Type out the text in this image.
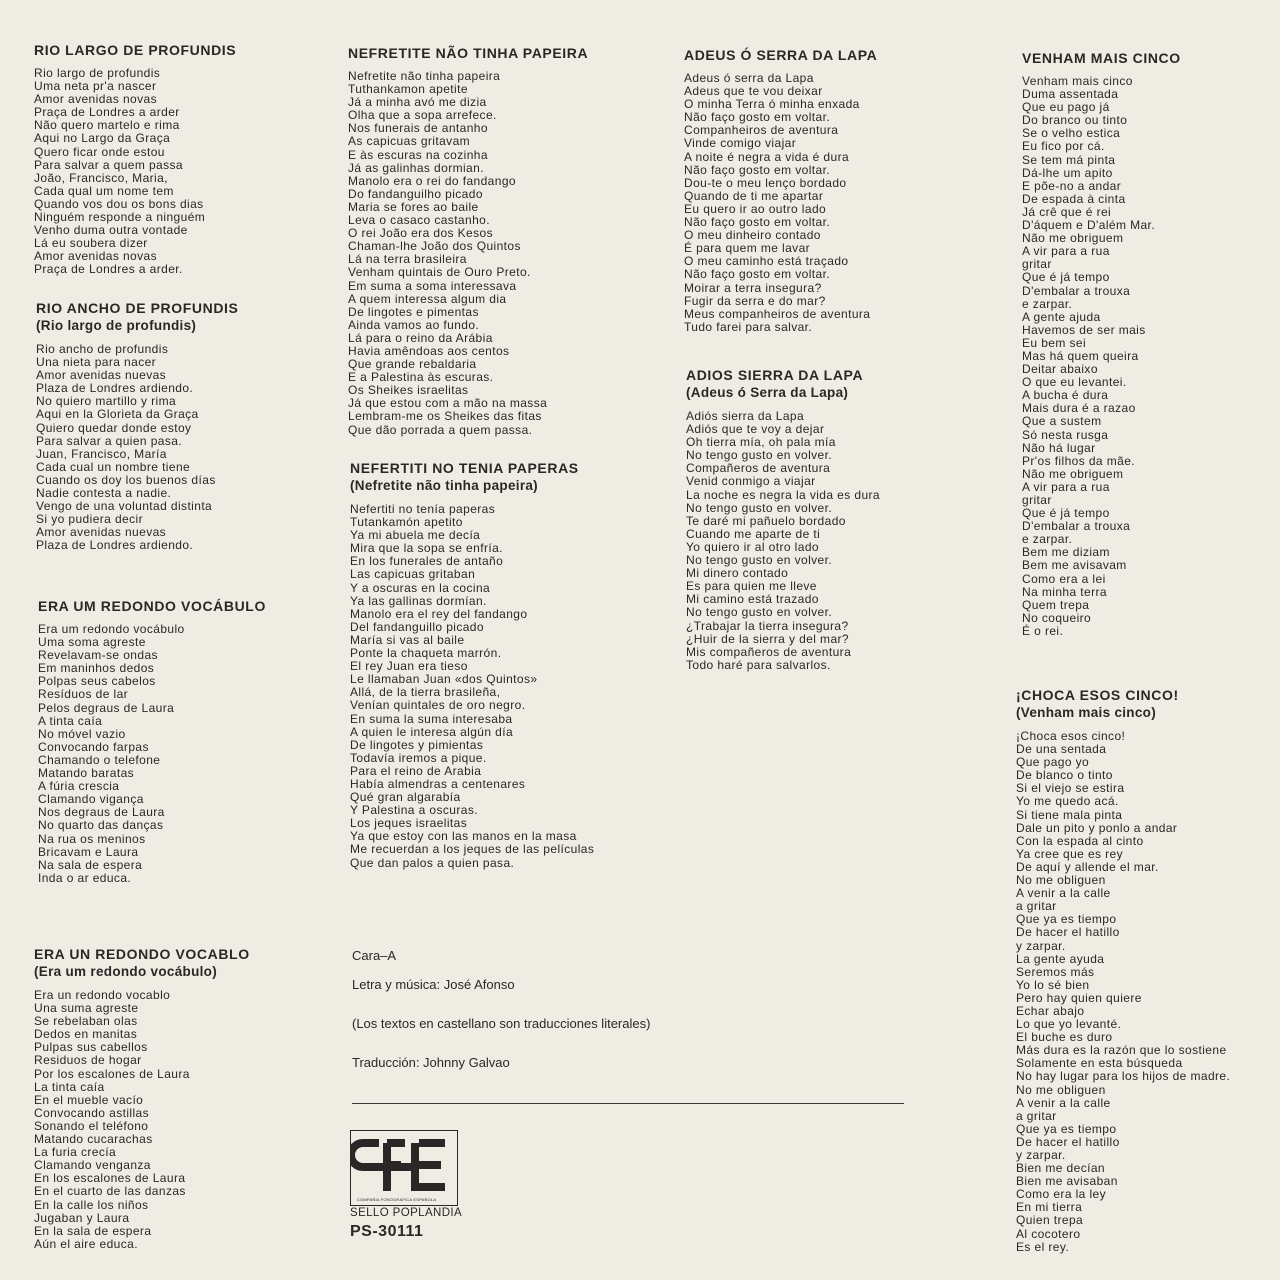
RIO LARGO DE PROFUNDIS
Rio largo de profundis
Uma neta pr'a nascer
Amor avenidas novas
Praça de Londres a arder
Não quero martelo e rima
Aqui no Largo da Graça
Quero ficar onde estou
Para salvar a quem passa
João, Francisco, Maria,
Cada qual um nome tem
Quando vos dou os bons dias
Ninguém responde a ninguém
Venho duma outra vontade
Lá eu soubera dizer
Amor avenidas novas
Praça de Londres a arder.
RIO ANCHO DE PROFUNDIS
(Rio largo de profundis)
Rio ancho de profundis
Una nieta para nacer
Amor avenidas nuevas
Plaza de Londres ardiendo.
No quiero martillo y rima
Aqui en la Glorieta da Graça
Quiero quedar donde estoy
Para salvar a quien pasa.
Juan, Francisco, María
Cada cual un nombre tiene
Cuando os doy los buenos días
Nadie contesta a nadie.
Vengo de una voluntad distinta
Si yo pudiera decir
Amor avenidas nuevas
Plaza de Londres ardiendo.
ERA UM REDONDO VOCÁBULO
Era um redondo vocábulo
Uma soma agreste
Revelavam-se ondas
Em maninhos dedos
Polpas seus cabelos
Resíduos de lar
Pelos degraus de Laura
A tinta caía
No móvel vazio
Convocando farpas
Chamando o telefone
Matando baratas
A fúria crescia
Clamando vigança
Nos degraus de Laura
No quarto das danças
Na rua os meninos
Bricavam e Laura
Na sala de espera
Inda o ar educa.
ERA UN REDONDO VOCABLO
(Era um redondo vocábulo)
Era un redondo vocablo
Una suma agreste
Se rebelaban olas
Dedos en manitas
Pulpas sus cabellos
Residuos de hogar
Por los escalones de Laura
La tinta caía
En el mueble vacío
Convocando astillas
Sonando el teléfono
Matando cucarachas
La furia crecía
Clamando venganza
En los escalones de Laura
En el cuarto de las danzas
En la calle los niños
Jugaban y Laura
En la sala de espera
Aún el aire educa.
NEFRETITE NÃO TINHA PAPEIRA
Nefretite não tinha papeira
Tuthankamon apetite
Já a minha avó me dizia
Olha que a sopa arrefece.
Nos funerais de antanho
As capicuas gritavam
E às escuras na cozinha
Já as galinhas dormian.
Manolo era o rei do fandango
Do fandanguilho picado
Maria se fores ao baile
Leva o casaco castanho.
O rei João era dos Kesos
Chaman-lhe João dos Quintos
Lá na terra brasileira
Venham quintais de Ouro Preto.
Em suma a soma interessava
A quem interessa algum dia
De lingotes e pimentas
Ainda vamos ao fundo.
Lá para o reino da Arábia
Havia amêndoas aos centos
Que grande rebaldaria
E a Palestina às escuras.
Os Sheikes israelitas
Já que estou com a mão na massa
Lembram-me os Sheikes das fitas
Que dão porrada a quem passa.
NEFERTITI NO TENIA PAPERAS
(Nefretite não tinha papeira)
Nefertiti no tenía paperas
Tutankamón apetito
Ya mi abuela me decía
Mira que la sopa se enfría.
En los funerales de antaño
Las capicuas gritaban
Y a oscuras en la cocina
Ya las gallinas dormían.
Manolo era el rey del fandango
Del fandanguillo picado
María si vas al baile
Ponte la chaqueta marrón.
El rey Juan era tieso
Le llamaban Juan «dos Quintos»
Allá, de la tierra brasileña,
Venían quintales de oro negro.
En suma la suma interesaba
A quien le interesa algún día
De lingotes y pimientas
Todavía iremos a pique.
Para el reino de Arabia
Había almendras a centenares
Qué gran algarabía
Y Palestina a oscuras.
Los jeques israelitas
Ya que estoy con las manos en la masa
Me recuerdan a los jeques de las películas
Que dan palos a quien pasa.
ADEUS Ó SERRA DA LAPA
Adeus ó serra da Lapa
Adeus que te vou deixar
O minha Terra ó minha enxada
Não faço gosto em voltar.
Companheiros de aventura
Vinde comigo viajar
A noite é negra a vida é dura
Não faço gosto em voltar.
Dou-te o meu lenço bordado
Quando de ti me apartar
Eu quero ir ao outro lado
Não faço gosto em voltar.
O meu dinheiro contado
É para quem me lavar
O meu caminho está traçado
Não faço gosto em voltar.
Moirar a terra insegura?
Fugir da serra e do mar?
Meus companheiros de aventura
Tudo farei para salvar.
ADIOS SIERRA DA LAPA
(Adeus ó Serra da Lapa)
Adiós sierra da Lapa
Adiós que te voy a dejar
Oh tierra mía, oh pala mía
No tengo gusto en volver.
Compañeros de aventura
Venid conmigo a viajar
La noche es negra la vida es dura
No tengo gusto en volver.
Te daré mi pañuelo bordado
Cuando me aparte de ti
Yo quiero ir al otro lado
No tengo gusto en volver.
Mi dinero contado
Es para quien me lleve
Mi camino está trazado
No tengo gusto en volver.
¿Trabajar la tierra insegura?
¿Huir de la sierra y del mar?
Mis compañeros de aventura
Todo haré para salvarlos.
VENHAM MAIS CINCO
Venham mais cinco
Duma assentada
Que eu pago já
Do branco ou tinto
Se o velho estica
Eu fico por cá.
Se tem má pinta
Dá-lhe um apito
E põe-no a andar
De espada à cinta
Já crê que é rei
D'áquem e D'além Mar.
Não me obriguem
A vir para a rua
gritar
Que é já tempo
D'embalar a trouxa
e zarpar.
A gente ajuda
Havemos de ser mais
Eu bem sei
Mas há quem queira
Deitar abaixo
O que eu levantei.
A bucha é dura
Mais dura é a razao
Que a sustem
Só nesta rusga
Não há lugar
Pr'os filhos da mãe.
Não me obriguem
A vir para a rua
gritar
Que é já tempo
D'embalar a trouxa
e zarpar.
Bem me diziam
Bem me avisavam
Como era a lei
Na minha terra
Quem trepa
No coqueiro
É o rei.
¡CHOCA ESOS CINCO!
(Venham mais cinco)
¡Choca esos cinco!
De una sentada
Que pago yo
De blanco o tinto
Si el viejo se estira
Yo me quedo acá.
Si tiene mala pinta
Dale un pito y ponlo a andar
Con la espada al cinto
Ya cree que es rey
De aquí y allende el mar.
No me obliguen
A venir a la calle
a gritar
Que ya es tiempo
De hacer el hatillo
y zarpar.
La gente ayuda
Seremos más
Yo lo sé bien
Pero hay quien quiere
Echar abajo
Lo que yo levanté.
El buche es duro
Más dura es la razón que lo sostiene
Solamente en esta búsqueda
No hay lugar para los hijos de madre.
No me obliguen
A venir a la calle
a gritar
Que ya es tiempo
De hacer el hatillo
y zarpar.
Bien me decían
Bien me avisaban
Como era la ley
En mi tierra
Quien trepa
Al cocotero
Es el rey.
Cara–A
Letra y música: José Afonso
(Los textos en castellano son traducciones literales)
Traducción: Johnny Galvao
COMPAÑIA FONOGRAFICA ESPAÑOLA
SELLO POPLANDIA
PS-30111
